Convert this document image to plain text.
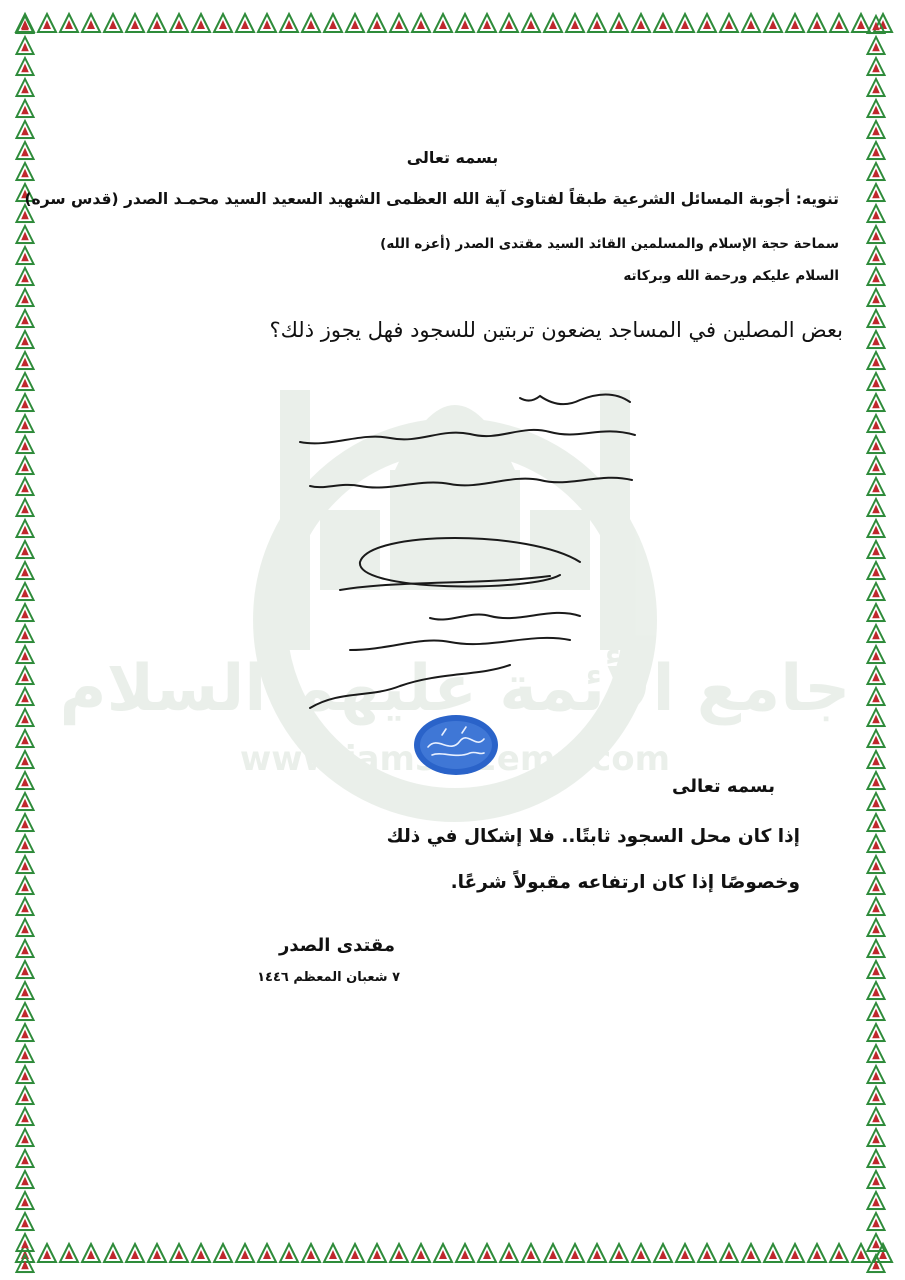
جامع الأئمة عليهم السلام
بسمه تعالى
تنويه: أجوبة المسائل الشرعية طبقاً لفتاوى آية الله العظمى الشهيد السعيد السيد محمـد الصدر (قدس سره)
سماحة حجة الإسلام والمسلمين القائد السيد مقتدى الصدر (أعزه الله)
السلام عليكم ورحمة الله وبركاته
بعض المصلين في المساجد يضعون تربتين للسجود فهل يجوز ذلك؟
بسمه تعالى
إذا كان محل السجود ثابتًا.. فلا إشكال في ذلك
وخصوصًا إذا كان ارتفاعه مقبولاً شرعًا.
مقتدى الصدر
٧ شعبان المعظم ١٤٤٦
